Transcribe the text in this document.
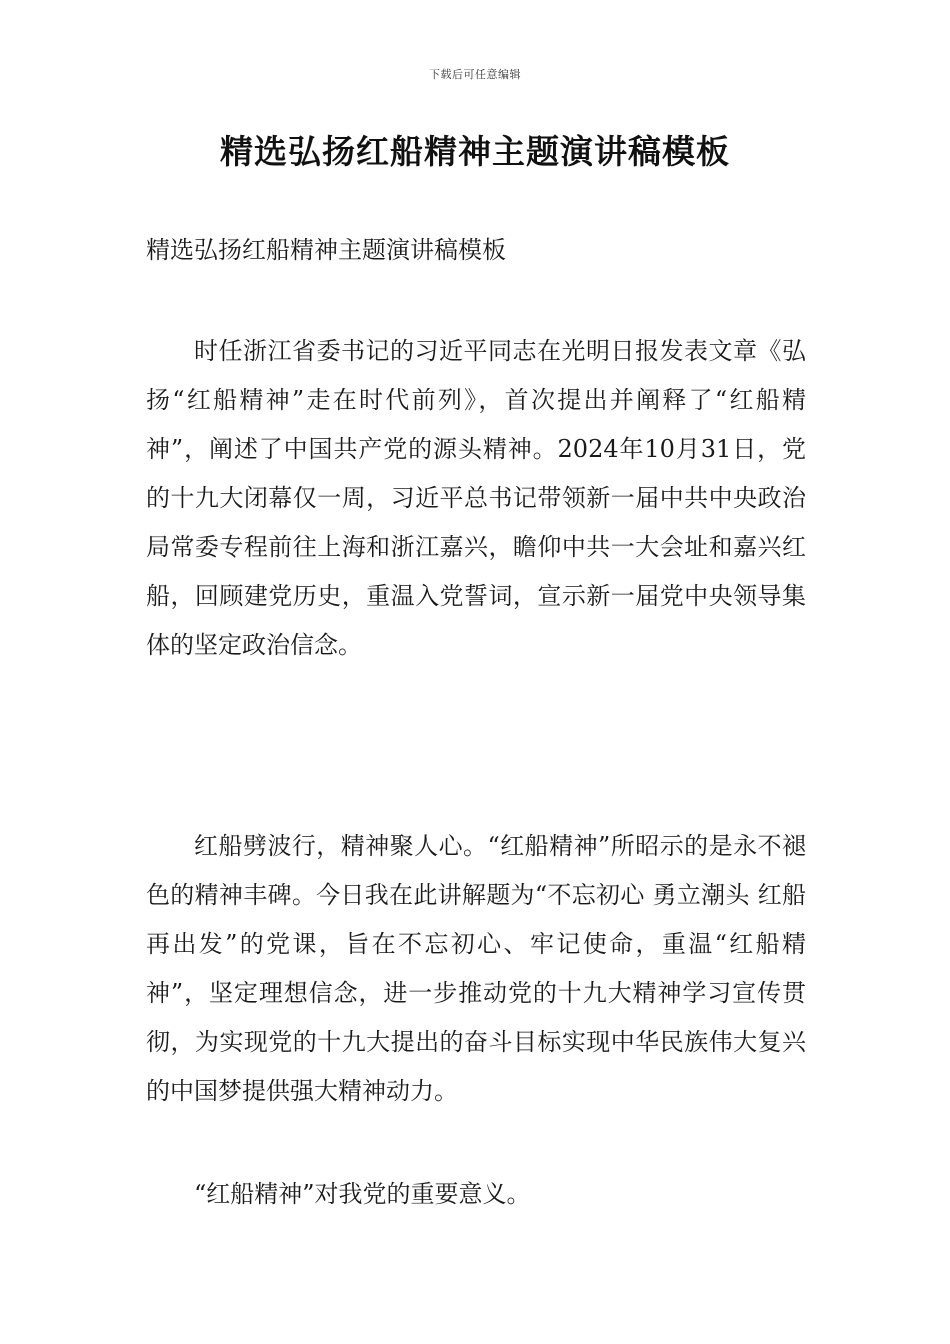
下载后可任意编辑
精选弘扬红船精神主题演讲稿模板

精选弘扬红船精神主题演讲稿模板

时任浙江省委书记的习近平同志在光明日报发表文章《弘扬“红船精神”走在时代前列》，首次提出并阐释了“红船精神”，阐述了中国共产党的源头精神。2024年10月31日，党的十九大闭幕仅一周，习近平总书记带领新一届中共中央政治局常委专程前往上海和浙江嘉兴，瞻仰中共一大会址和嘉兴红船，回顾建党历史，重温入党誓词，宣示新一届党中央领导集体的坚定政治信念。

红船劈波行，精神聚人心。“红船精神”所昭示的是永不褪色的精神丰碑。今日我在此讲解题为“不忘初心 勇立潮头 红船再出发”的党课，旨在不忘初心、牢记使命，重温“红船精神”，坚定理想信念，进一步推动党的十九大精神学习宣传贯彻，为实现党的十九大提出的奋斗目标实现中华民族伟大复兴的中国梦提供强大精神动力。

“红船精神”对我党的重要意义。
